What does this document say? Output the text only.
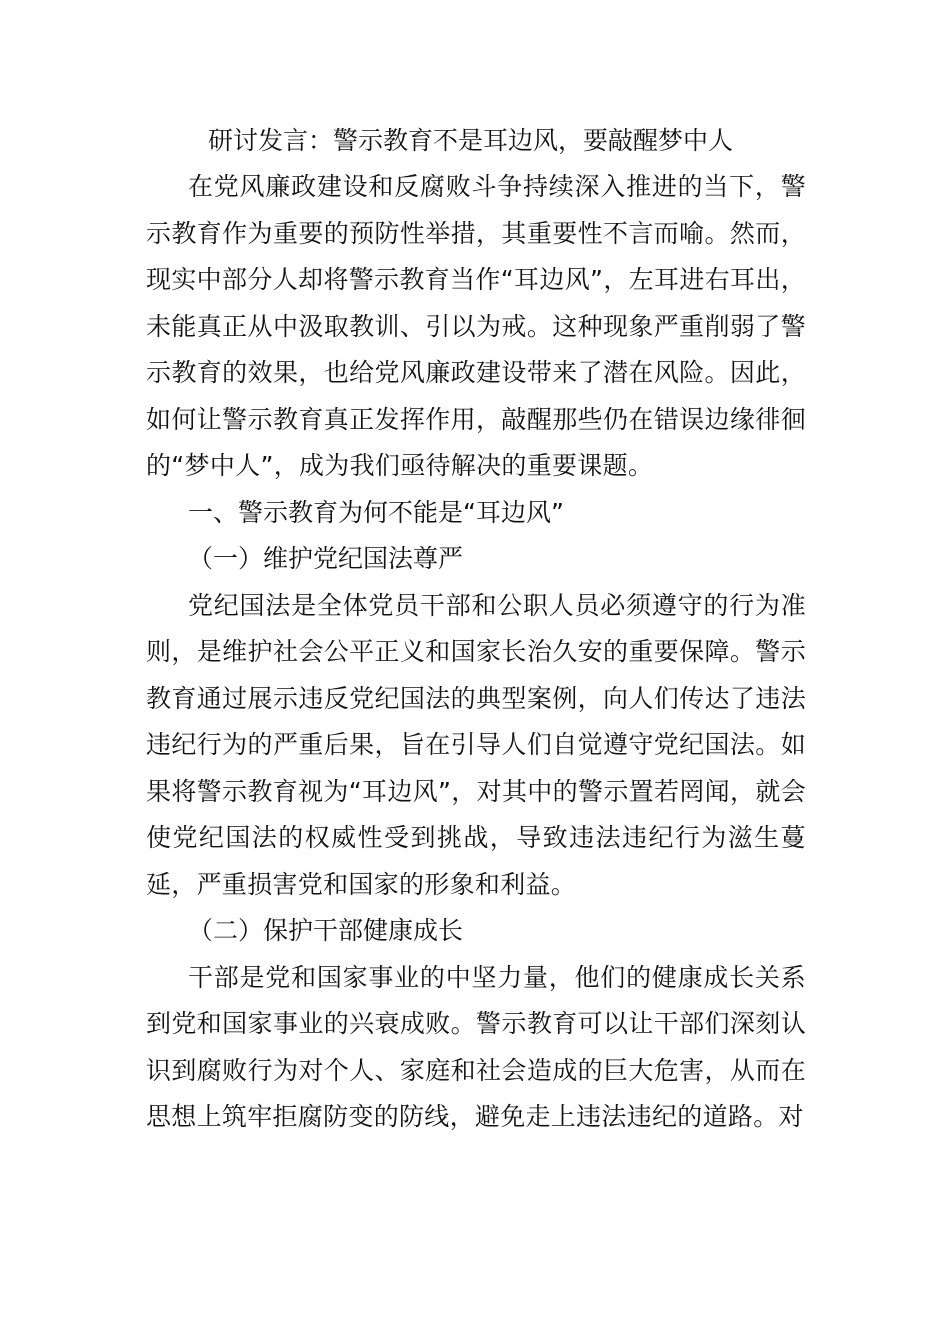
研讨发言：警示教育不是耳边风，要敲醒梦中人

在党风廉政建设和反腐败斗争持续深入推进的当下，警示教育作为重要的预防性举措，其重要性不言而喻。然而，现实中部分人却将警示教育当作“耳边风”，左耳进右耳出，未能真正从中汲取教训、引以为戒。这种现象严重削弱了警示教育的效果，也给党风廉政建设带来了潜在风险。因此，如何让警示教育真正发挥作用，敲醒那些仍在错误边缘徘徊的“梦中人”，成为我们亟待解决的重要课题。

一、警示教育为何不能是“耳边风”
（一）维护党纪国法尊严

党纪国法是全体党员干部和公职人员必须遵守的行为准则，是维护社会公平正义和国家长治久安的重要保障。警示教育通过展示违反党纪国法的典型案例，向人们传达了违法违纪行为的严重后果，旨在引导人们自觉遵守党纪国法。如果将警示教育视为“耳边风”，对其中的警示置若罔闻，就会使党纪国法的权威性受到挑战，导致违法违纪行为滋生蔓延，严重损害党和国家的形象和利益。

（二）保护干部健康成长

干部是党和国家事业的中坚力量，他们的健康成长关系到党和国家事业的兴衰成败。警示教育可以让干部们深刻认识到腐败行为对个人、家庭和社会造成的巨大危害，从而在思想上筑牢拒腐防变的防线，避免走上违法违纪的道路。对
